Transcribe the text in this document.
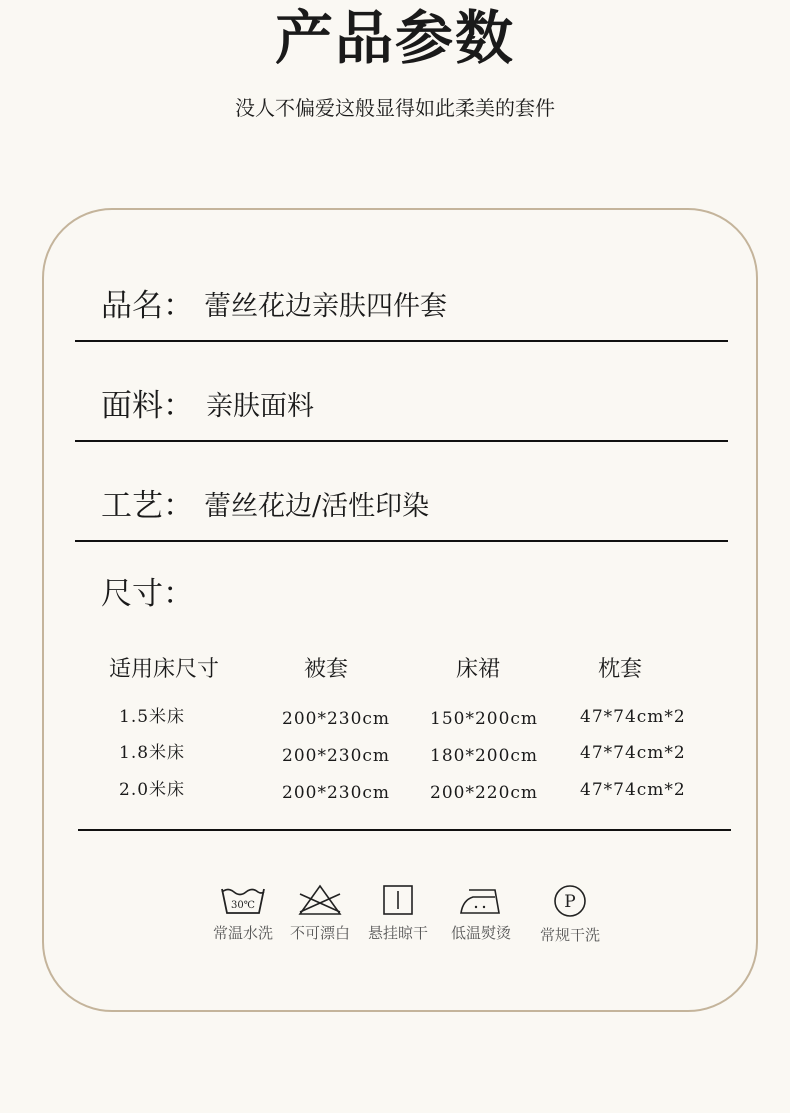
产品参数
没人不偏爱这般显得如此柔美的套件
品名： 蕾丝花边亲肤四件套
面料： 亲肤面料
工艺： 蕾丝花边/活性印染
尺寸：
适用床尺寸	被套	床裙	枕套
1.5米床	200*230cm 150*200cm 47*74cm*2
1.8米床	200*230cm 180*200cm 47*74cm*2
2.0米床	200*230cm 200*220cm 47*74cm*2
30℃
常温水洗	不可漂白	悬挂晾干	低温熨烫
P
常规干洗
